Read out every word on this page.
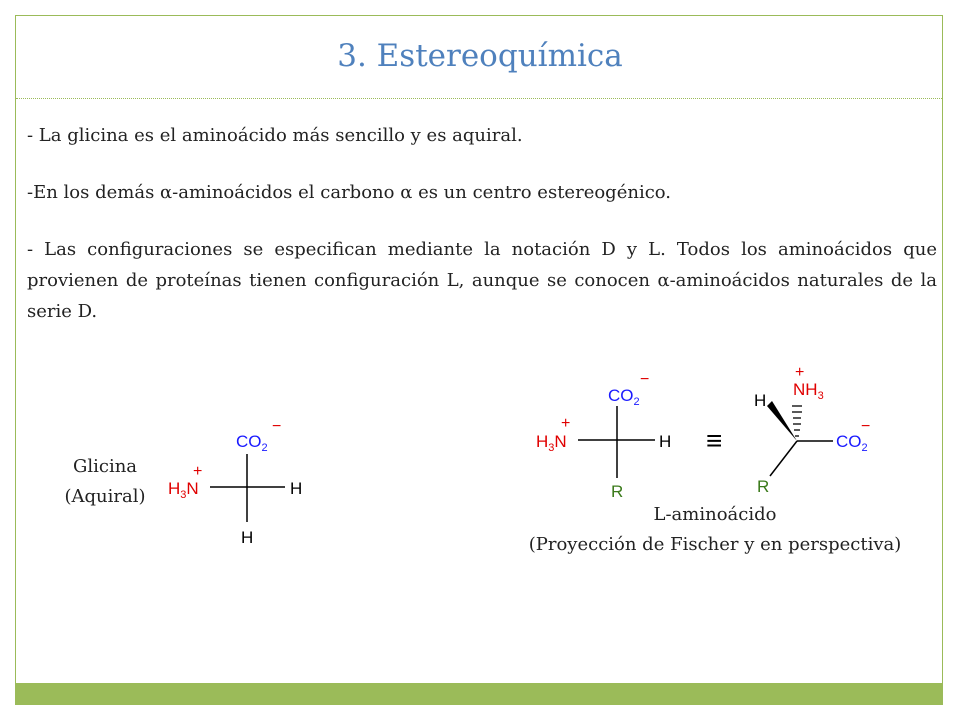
3. Estereoquímica
- La glicina es el aminoácido más sencillo y es aquiral.
-En los demás α-aminoácidos el carbono α es un centro estereogénico.
- Las configuraciones se especifican mediante la notación D y L. Todos los aminoácidos que provienen de proteínas tienen configuración L, aunque se conocen α-aminoácidos naturales de la serie D.
Glicina
(Aquiral)
L-aminoácido
(Proyección de Fischer y en perspectiva)
$CO_2$
−
$H_3N$
+
H
H
$CO_2$
−
$H_3N$
+
H
R
≡
$NH_3$
+
H
$CO_2$
−
R
